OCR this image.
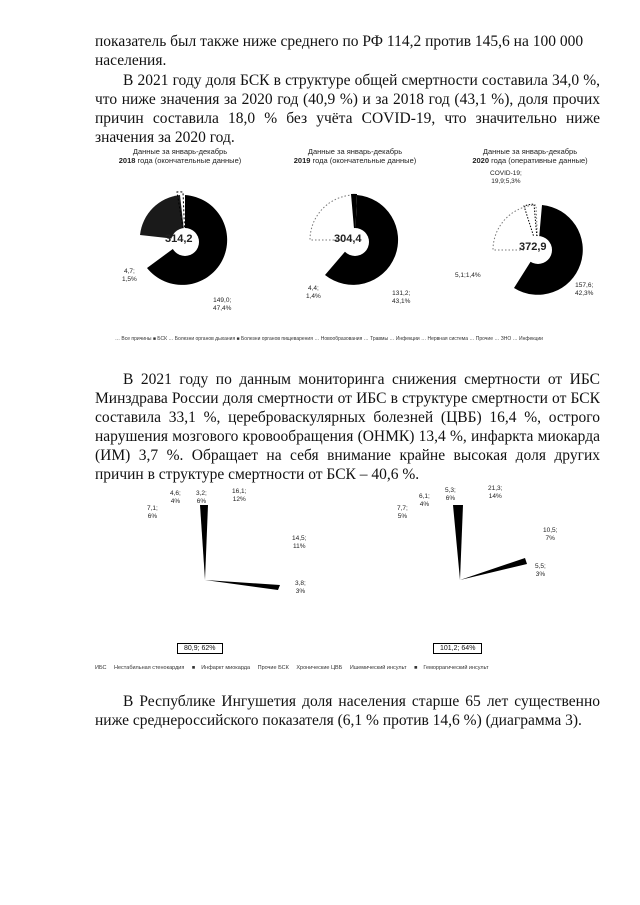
показатель был также ниже среднего по РФ 114,2 против 145,6 на 100 000
населения.

В 2021 году доля БСК в структуре общей смертности составила 34,0 %, что ниже значения за 2020 год (40,9 %) и за 2018 год (43,1 %), доля прочих причин составила 18,0 % без учёта COVID-19, что значительно ниже значения за 2020 год.

Данные за январь-декабрь
2018 года (окончательные данные)
314,2
4,7;
1,5%
149,0;
47,4%
Данные за январь-декабрь
2019 года (окончательные данные)
304,4
4,4;
1,4%	131,2;
43,1%
Данные за январь-декабрь
2020 года (оперативные данные)
COVID-19;
19,9;5,3%
372,9
5,1;1,4%
157,6;
42,3%
… Все причины ■ БСК … Болезни органов дыхания ■ Болезни органов пищеварения … Новообразования … Травмы … Инфекции … Нервная система … Прочие … ЗНО … Инфекции

В 2021 году по данным мониторинга снижения смертности от ИБС Минздрава России доля смертности от ИБС в структуре смертности от БСК составила 33,1 %, цереброваскулярных болезней (ЦВБ) 16,4 %, острого нарушения мозгового кровообращения (ОНМК) 13,4 %, инфаркта миокарда (ИМ) 3,7 %. Обращает на себя внимание крайне высокая доля других причин в структуре смертности от БСК – 40,6 %.

4,6;
4%
3,2;
6%
16,1;
12%
7,1;
6%
14,5;
11%
3,8;
3%
80,9; 62%
6,1;
4%
5,3;
6%
21,3;
14%
7,7;
5%
10,5;
7%
5,5;
3%
101,2; 64%
ИБС Нестабильная стенокардия ■ Инфаркт миокарда Прочие БСК Хронические ЦВБ Ишемический инсульт ■ Геморрагический инсульт

В Республике Ингушетия доля населения старше 65 лет существенно ниже среднероссийского показателя (6,1 % против 14,6 %) (диаграмма 3).
